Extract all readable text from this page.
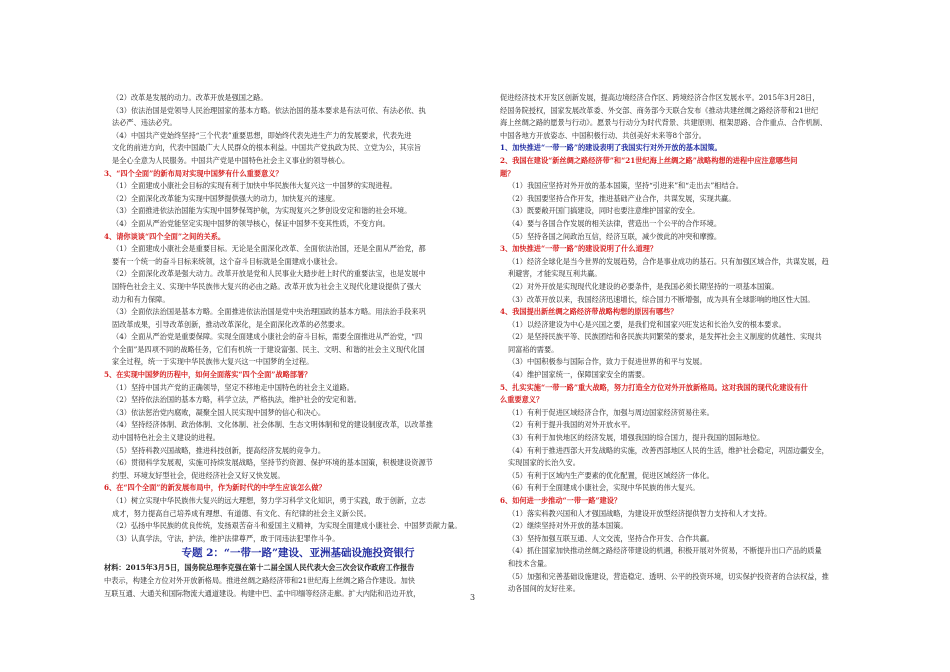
（2）改革是发展的动力。改革开放是强国之路。
（3）依法治国是党领导人民治理国家的基本方略。依法治国的基本要求是有法可依、有法必依、执
法必严、违法必究。
（4）中国共产党始终坚持“三个代表”重要思想，即始终代表先进生产力的发展要求，代表先进
文化的前进方向，代表中国最广大人民群众的根本利益。中国共产党执政为民、立党为公，其宗旨
是全心全意为人民服务。中国共产党是中国特色社会主义事业的领导核心。
3、“四个全面”的新布局对实现中国梦有什么重要意义？
（1）全面建成小康社会目标的实现有利于加快中华民族伟大复兴这一中国梦的实现进程。
（2）全面深化改革能为实现中国梦提供强大的动力，加快复兴的速度。
（3）全面推进依法治国能为实现中国梦保驾护航，为实现复兴之梦创设安定和谐的社会环境。
（4）全面从严治党能坚定实现中国梦的领导核心，保证中国梦不变其性质，不变方向。
4、请你谈谈“四个全面”之间的关系。
（1）全面建成小康社会是重要目标。无论是全面深化改革、全面依法治国，还是全面从严治党，都
要有一个统一的奋斗目标来统领，这个奋斗目标就是全面建成小康社会。
（2）全面深化改革是强大动力。改革开放是党和人民事业大踏步赶上时代的重要法宝，也是发展中
国特色社会主义、实现中华民族伟大复兴的必由之路。改革开放为社会主义现代化建设提供了强大
动力和有力保障。
（3）全面依法治国是基本方略。全面推进依法治国是党中央治理国政的基本方略。用法治手段来巩
固改革成果，引导改革创新，推动改革深化，是全面深化改革的必然要求。
（4）全面从严治党是重要保障。实现全面建成小康社会的奋斗目标，需要全面推进从严治党，“四
个全面”是四项不同的战略任务，它们有机统一于建设富强、民主、文明、和谐的社会主义现代化国
家全过程，统一于实现中华民族伟大复兴这一中国梦的全过程。
5、在实现中国梦的历程中，如何全面落实“四个全面”战略部署？
（1）坚持中国共产党的正确领导，坚定不移地走中国特色的社会主义道路。
（2）坚持依法治国的基本方略，科学立法，严格执法，维护社会的安定和谐。
（3）依法惩治党内腐败，凝聚全国人民实现中国梦的信心和决心。
（4）坚持经济体制、政治体制、文化体制、社会体制、生态文明体制和党的建设制度改革，以改革推
动中国特色社会主义建设的进程。
（5）坚持科教兴国战略，推进科技创新，提高经济发展的竞争力。
（6）贯彻科学发展观，实施可持续发展战略，坚持节约资源、保护环境的基本国策，积极建设资源节
约型、环境友好型社会，促进经济社会又好又快发展。
6、在“四个全面”的新发展布局中，作为新时代的中学生应该怎么做？
（1）树立实现中华民族伟大复兴的远大理想，努力学习科学文化知识，勇于实践，敢于创新，立志
成才，努力提高自己培养成有理想、有道德、有文化、有纪律的社会主义新公民。
（2）弘扬中华民族的优良传统，发扬艰苦奋斗和爱国主义精神，为实现全面建成小康社会、中国梦贡献力量。
（3）认真学法，守法，护法，维护法律尊严，敢于同违法犯罪作斗争。
专题 2：“一带一路”建设、亚洲基础设施投资银行
材料：2015年3月5日，国务院总理李克强在第十二届全国人民代表大会三次会议作政府工作报告
中表示，构建全方位对外开放新格局。推进丝绸之路经济带和21世纪海上丝绸之路合作建设。加快
互联互通、大通关和国际物流大通道建设。构建中巴、孟中印缅等经济走廊。扩大内陆和沿边开放，
促进经济技术开发区创新发展，提高边境经济合作区、跨境经济合作区发展水平。2015年3月28日，
经国务院授权，国家发展改革委、外交部、商务部今天联合发布《推动共建丝绸之路经济带和21世纪
海上丝绸之路的愿景与行动》。愿景与行动分为时代背景、共建原则、框架思路、合作重点、合作机制、
中国各地方开放姿态、中国积极行动、共创美好未来等8个部分。
1、加快推进“一带一路”的建设表明了我国实行对外开放的基本国策。
2、我国在建设“新丝绸之路经济带”和“21世纪海上丝绸之路”战略构想的进程中应注意哪些问
题？
（1）我国应坚持对外开放的基本国策，坚持“引进来”和“走出去”相结合。
（2）我国要坚持合作开发，推进基础产业合作，共谋发展，实现共赢。
（3）既要敞开国门搞建设，同时也要注意维护国家的安全。
（4）要与各国合作发展的相关法律，营造出一个公平的合作环境。
（5）坚持各国之间政治互信，经济互联，减少彼此的冲突和摩擦。
3、加快推进“一带一路”的建设说明了什么道理？
（1）经济全球化是当今世界的发展趋势，合作是事业成功的基石。只有加强区域合作，共谋发展，趋
利避害，才能实现互利共赢。
（2）对外开放是实现现代化建设的必要条件，是我国必须长期坚持的一项基本国策。
（3）改革开放以来，我国经济迅速增长，综合国力不断增强，成为具有全球影响的地区性大国。
4、我国提出新丝绸之路经济带战略构想的原因有哪些？
（1）以经济建设为中心是兴国之要，是我们党和国家兴旺发达和长治久安的根本要求。
（2）是坚持民族平等、民族团结和各民族共同繁荣的要求，是发挥社会主义制度的优越性、实现共
同富裕的需要。
（3）中国积极参与国际合作，致力于促进世界的和平与发展。
（4）维护国家统一，保障国家安全的需要。
5、扎实实施“一带一路”重大战略，努力打造全方位对外开放新格局。这对我国的现代化建设有什
么重要意义？
（1）有利于促进区域经济合作，加强与周边国家经济贸易往来。
（2）有利于提升我国的对外开放水平。
（3）有利于加快地区的经济发展，增强我国的综合国力，提升我国的国际地位。
（4）有利于推进西部大开发战略的实施，改善西部地区人民的生活，维护社会稳定，巩固边疆安全，
实现国家的长治久安。
（5）有利于区域内生产要素的优化配置，促进区域经济一体化。
（6）有利于全面建成小康社会，实现中华民族的伟大复兴。
6、如何进一步推动“一带一路”建设？
（1）落实科教兴国和人才强国战略，为建设开放型经济提供智力支持和人才支持。
（2）继续坚持对外开放的基本国策。
（3）坚持加强互联互通、人文交流，坚持合作开发、合作共赢。
（4）抓住国家加快推动丝绸之路经济带建设的机遇，积极开展对外贸易，不断提升出口产品的质量
和技术含量。
（5）加强和完善基础设施建设，营造稳定、透明、公平的投资环境，切实保护投资者的合法权益，推
动各国间的友好往来。
3
